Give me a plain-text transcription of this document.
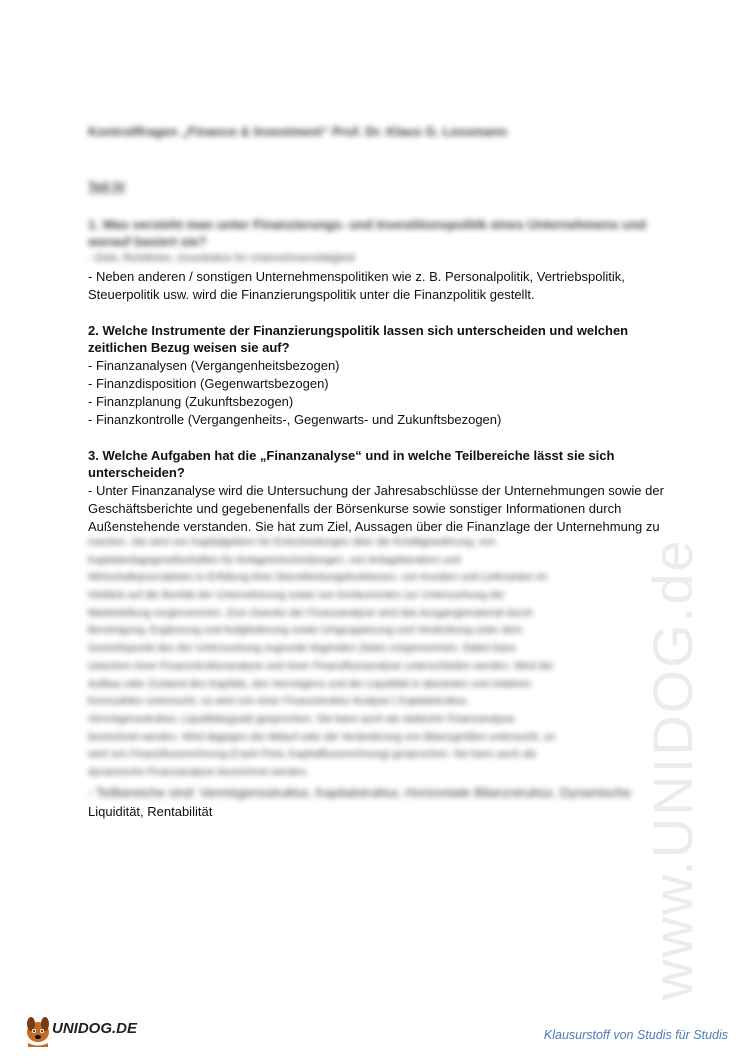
www.UNIDOG.de
Kontrollfragen „Finance & Investment“ Prof. Dr. Klaus G. Lessmann
Teil IV
1. Was versteht man unter Finanzierungs- und Investitionspolitik eines Unternehmens und
worauf basiert sie?
- Ziele, Richtlinien, Grundsätze für Unternehmenstätigkeit
- Neben anderen / sonstigen Unternehmenspolitiken wie z. B. Personalpolitik, Vertriebspolitik,
Steuerpolitik usw. wird die Finanzierungspolitik unter die Finanzpolitik gestellt.
2. Welche Instrumente der Finanzierungspolitik lassen sich unterscheiden und welchen
zeitlichen Bezug weisen sie auf?
- Finanzanalysen (Vergangenheitsbezogen)
- Finanzdisposition (Gegenwartsbezogen)
- Finanzplanung (Zukunftsbezogen)
- Finanzkontrolle (Vergangenheits-, Gegenwarts- und Zukunftsbezogen)
3. Welche Aufgaben hat die „Finanzanalyse“ und in welche Teilbereiche lässt sie sich
unterscheiden?
- Unter Finanzanalyse wird die Untersuchung der Jahresabschlüsse der Unternehmungen sowie der
Geschäftsberichte und gegebenenfalls der Börsenkurse sowie sonstiger Informationen durch
Außenstehende verstanden. Sie hat zum Ziel, Aussagen über die Finanzlage der Unternehmung zu
machen. Sie wird von Kapitalgebern für Entscheidungen über die Kreditgewährung, von
Kapitalanlagegesellschaften für Anlageentscheidungen, von Anlageberatern und
Wirtschaftsjournalisten in Erfüllung ihrer Dienstleistungsfunktionen, von Kunden und Lieferanten im
Hinblick auf die Bonität der Unternehmung sowie von Konkurrenten zur Untersuchung der
Marktstellung vorgenommen. Zum Zwecke der Finanzanalyse wird das Ausgangsmaterial durch
Bereinigung, Ergänzung und Aufgliederung sowie Umgruppierung und Verdichtung unter dem
Gesichtspunkt des der Untersuchung zugrunde liegenden Zieles vorgenommen. Dabei kann
zwischen einer Finanzstrukturanalyse und einer Finanzflussanalyse unterschieden werden. Wird der
Aufbau oder Zustand des Kapitals, des Vermögens und der Liquidität in absoluten und relativen
Kennzahlen untersucht, so wird von einer Finanzstruktur Analyse ( Kapitalstruktur,
Vermögensstruktur, Liquiditätsgrad) gesprochen. Sie kann auch als statische Finanzanalyse
bezeichnet werden. Wird dagegen der Ablauf oder die Veränderung von Bilanzgrößen untersucht, so
wird von Finanzflussrechnung (Cash-Flow, Kapitalflussrechnung) gesprochen. Sie kann auch als
dynamische Finanzanalyse bezeichnet werden.
- Teilbereiche sind: Vermögensstruktur, Kapitalstruktur, Horizontale Bilanzstruktur, Dynamische
Liquidität, Rentabilität
UNIDOG.DE	Klausurstoff von Studis für Studis
